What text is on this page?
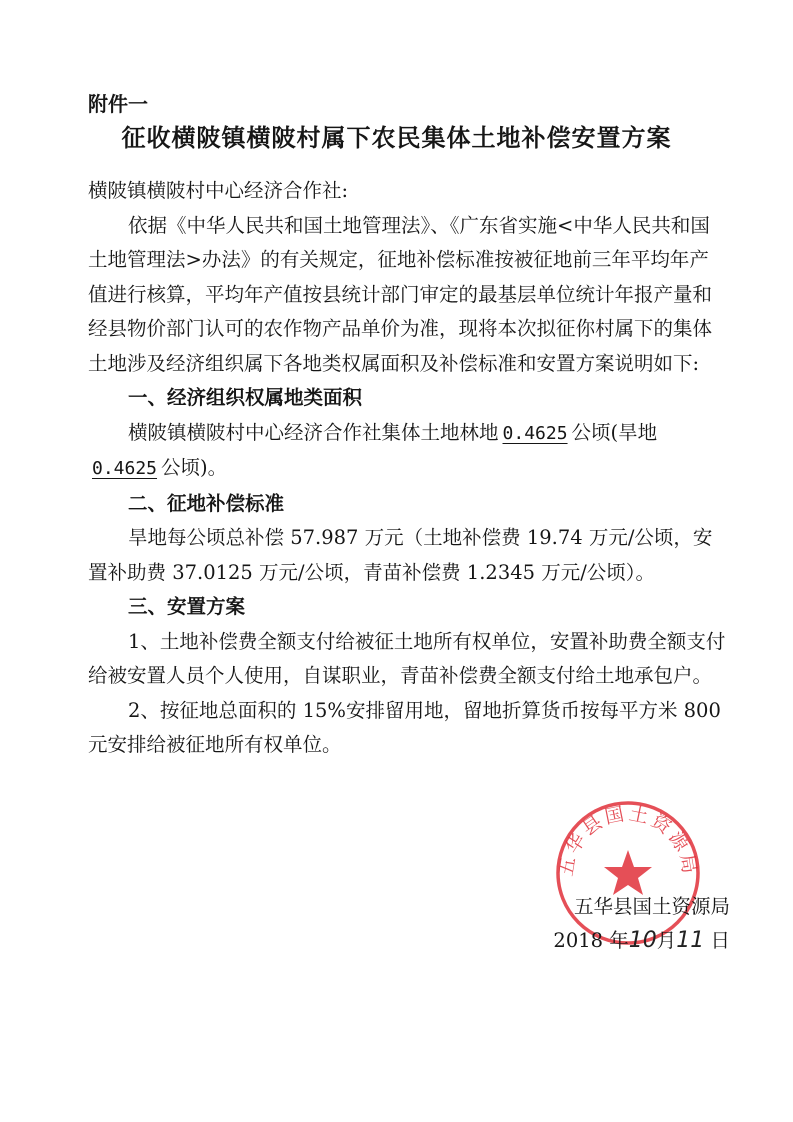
附件一
征收横陂镇横陂村属下农民集体土地补偿安置方案

横陂镇横陂村中心经济合作社:

依据《中华人民共和国土地管理法》、《广东省实施<中华人民共和国土地管理法>办法》的有关规定，征地补偿标准按被征地前三年平均年产值进行核算，平均年产值按县统计部门审定的最基层单位统计年报产量和经县物价部门认可的农作物产品单价为准，现将本次拟征你村属下的集体土地涉及经济组织属下各地类权属面积及补偿标准和安置方案说明如下:

一、经济组织权属地类面积

横陂镇横陂村中心经济合作社集体土地林地 0.4625 公顷(旱地0.4625 公顷)。

二、征地补偿标准

旱地每公顷总补偿 57.987 万元（土地补偿费 19.74 万元/公顷，安置补助费 37.0125 万元/公顷，青苗补偿费 1.2345 万元/公顷）。

三、安置方案

1、土地补偿费全额支付给被征土地所有权单位，安置补助费全额支付给被安置人员个人使用，自谋职业，青苗补偿费全额支付给土地承包户。

2、按征地总面积的 15%安排留用地，留地折算货币按每平方米 800 元安排给被征地所有权单位。

五华县国土资源局
五华县国土资源局
2018 年10月11 日
